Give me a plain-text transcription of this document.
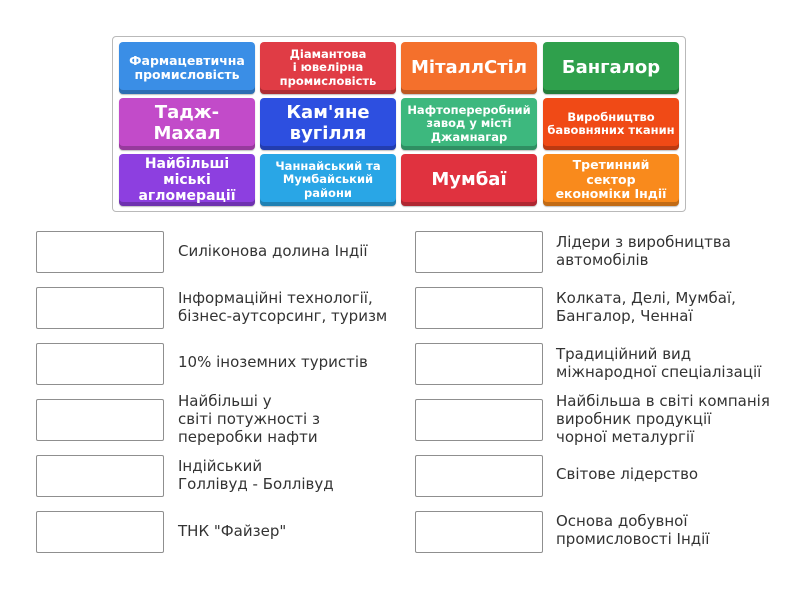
Фармацевтична
промисловість
Діамантова
і ювелірна
промисловість
МіталлСтіл	Бангалор
Тадж-Махал
Кам'яне
вугілля
Нафтопереробний
завод у місті
Джамнагар
Виробництво
бавовняних тканин
Найбільші міські
агломерації
Чаннайський та
Мумбайський
райони
Мумбаї
Третинний сектор
економіки Індії
Силіконова долина Індії
Інформаційні технології,
бізнес-аутсорсинг, туризм
10% іноземних туристів
Найбільші у
світі потужності з
переробки нафти
Індійський
Голлівуд - Боллівуд
ТНК "Файзер"
Лідери з виробництва
автомобілів
Колката, Делі, Мумбаї,
Бангалор, Ченнаї
Традиційний вид
міжнародної спеціалізації
Найбільша в світі компанія
виробник продукції
чорної металургії
Світове лідерство
Основа добувної
промисловості Індії
